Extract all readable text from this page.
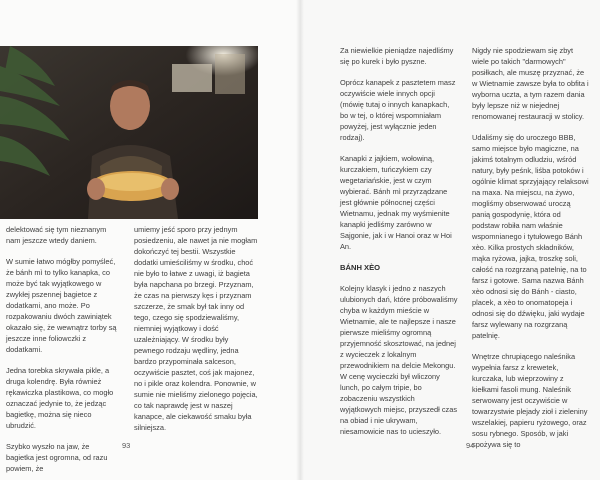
delektować się tym nieznanym nam jeszcze wtedy daniem.

W sumie łatwo mógłby pomyśleć, że bánh mì to tylko kanapka, co może być tak wyjątkowego w zwykłej pszennej bagietce z dodatkami, ano może. Po rozpakowaniu dwóch zawiniątek okazało się, że wewnątrz torby są jeszcze inne foliowczki z dodatkami.

Jedna torebka skrywała pikle, a druga kolendrę. Była również rękawiczka plastikowa, co mogło oznaczać jedynie to, że jedząc bagietkę, można się nieco ubrudzić.

Szybko wyszło na jaw, że bagietka jest ogromna, od razu powiem, że

umiemy jeść sporo przy jednym posiedzeniu, ale nawet ja nie mogłam dokończyć tej bestii. Wszystkie dodatki umieściliśmy w środku, choć nie było to łatwe z uwagi, iż bagieta była napchana po brzegi. Przyznam, że czas na pierwszy kęs i przyznam szczerze, że smak był tak inny od tego, czego się spodziewaliśmy, niemniej wyjątkowy i dość uzależniający. W środku były pewnego rodzaju wędliny, jedna bardzo przypominała salceson, oczywiście pasztet, coś jak majonez, no i pikle oraz kolendra. Ponownie, w sumie nie mieliśmy zielonego pojęcia, co tak naprawdę jest w naszej kanapce, ale ciekawość smaku była silniejsza.

93

Za niewielkie pieniądze najedliśmy się po kurek i było pyszne.

Oprócz kanapek z pasztetem masz oczywiście wiele innych opcji (mówię tutaj o innych kanapkach, bo w tej, o której wspomniałam powyżej, jest wyłącznie jeden rodzaj).

Kanapki z jajkiem, wołowiną, kurczakiem, tuńczykiem czy wegetariańskie, jest w czym wybierać. Bánh mì przyrządzane jest głównie północnej części Wietnamu, jednak my wyśmienite kanapki jedliśmy zarówno w Sajgonie, jak i w Hanoi oraz w Hoi An.

BÁNH XÈO

Kolejny klasyk i jedno z naszych ulubionych dań, które próbowaliśmy chyba w każdym mieście w Wietnamie, ale te najlepsze i nasze pierwsze mieliśmy ogromną przyjemność skosztować, na jednej z wycieczek z lokalnym przewodnikiem na delcie Mekongu. W cenę wycieczki był wliczony lunch, po całym tripie, bo zobaczeniu wszystkich wyjątkowych miejsc, przyszedł czas na obiad i nie ukrywam, niesamowicie nas to ucieszyło.

Nigdy nie spodziewam się zbyt wiele po takich "darmowych" posiłkach, ale muszę przyznać, że w Wietnamie zawsze była to obfita i wyborna uczta, a tym razem dania były lepsze niż w niejednej renomowanej restauracji w stolicy.

Udaliśmy się do uroczego BBB, samo miejsce było magiczne, na jakimś totalnym odludziu, wśród natury, były peśnk, liśba potoków i ogólnie klimat sprzyjający relaksowi na maxa. Na miejscu, na żywo, mogliśmy obserwować uroczą panią gospodynię, która od podstaw robiła nam właśnie wspomnianego i tytułowego Bánh xèo. Kilka prostych składników, mąka ryżowa, jajka, troszkę soli, całość na rozgrzaną patelnię, na to farsz i gotowe. Sama nazwa Bánh xèo odnosi się do Bánh - ciasto, placek, a xèo to onomatopeja i odnosi się do dźwięku, jaki wydaje farsz wylewany na rozgrzaną patelnię.

Wnętrze chrupiącego naleśnika wypełnia farsz z krewetek, kurczaka, lub wieprzowiny z kiełkami fasoli mung. Naleśnik serwowany jest oczywiście w towarzystwie plejady zioł i zieleniny wszelakiej, papieru ryżowego, oraz sosu rybnego. Sposób, w jaki spożywa się to

94
